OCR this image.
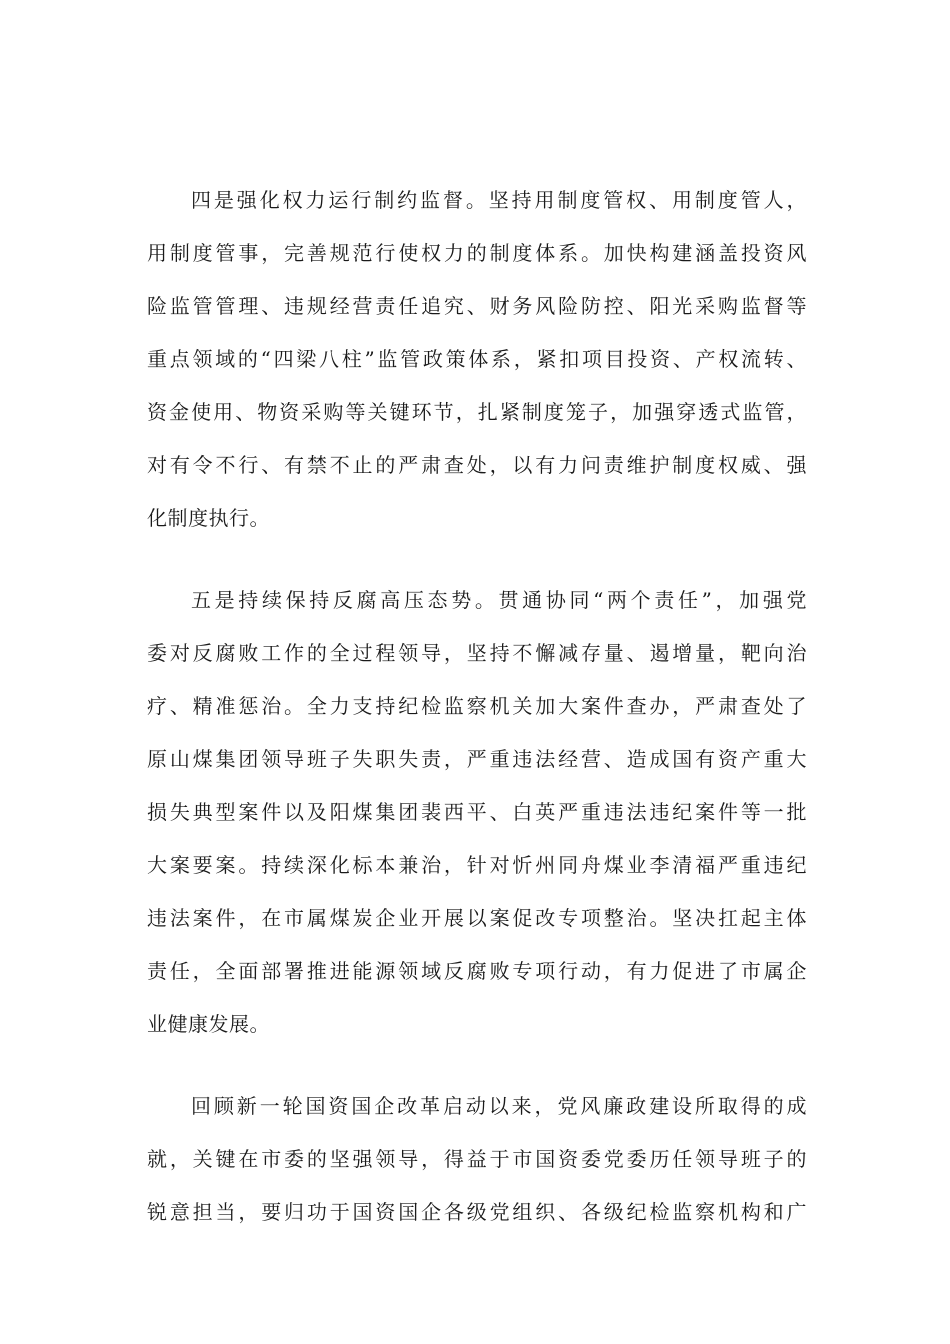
四是强化权力运行制约监督。坚持用制度管权、用制度管人，
用制度管事，完善规范行使权力的制度体系。加快构建涵盖投资风
险监管管理、违规经营责任追究、财务风险防控、阳光采购监督等
重点领域的“四梁八柱”监管政策体系，紧扣项目投资、产权流转、
资金使用、物资采购等关键环节，扎紧制度笼子，加强穿透式监管，
对有令不行、有禁不止的严肃查处，以有力问责维护制度权威、强
化制度执行。
五是持续保持反腐高压态势。贯通协同“两个责任”，加强党
委对反腐败工作的全过程领导，坚持不懈减存量、遏增量，靶向治
疗、精准惩治。全力支持纪检监察机关加大案件查办，严肃查处了
原山煤集团领导班子失职失责，严重违法经营、造成国有资产重大
损失典型案件以及阳煤集团裴西平、白英严重违法违纪案件等一批
大案要案。持续深化标本兼治，针对忻州同舟煤业李清福严重违纪
违法案件，在市属煤炭企业开展以案促改专项整治。坚决扛起主体
责任，全面部署推进能源领域反腐败专项行动，有力促进了市属企
业健康发展。
回顾新一轮国资国企改革启动以来，党风廉政建设所取得的成
就，关键在市委的坚强领导，得益于市国资委党委历任领导班子的
锐意担当，要归功于国资国企各级党组织、各级纪检监察机构和广
